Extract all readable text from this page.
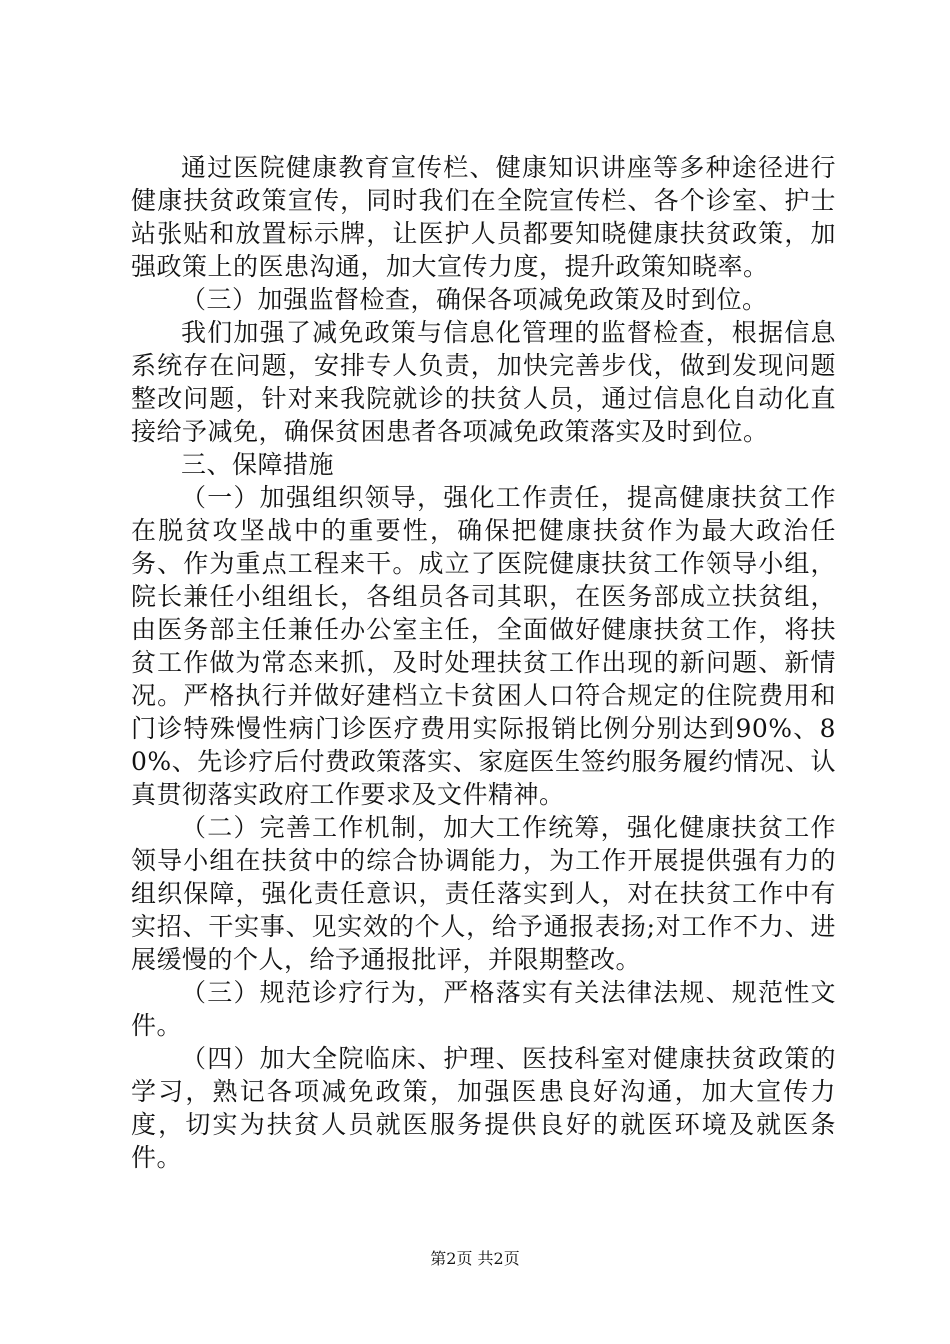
通过医院健康教育宣传栏、健康知识讲座等多种途径进行健康扶贫政策宣传，同时我们在全院宣传栏、各个诊室、护士站张贴和放置标示牌，让医护人员都要知晓健康扶贫政策，加强政策上的医患沟通，加大宣传力度，提升政策知晓率。

（三）加强监督检查，确保各项减免政策及时到位。

我们加强了减免政策与信息化管理的监督检查，根据信息系统存在问题，安排专人负责，加快完善步伐，做到发现问题整改问题，针对来我院就诊的扶贫人员，通过信息化自动化直接给予减免，确保贫困患者各项减免政策落实及时到位。

三、保障措施

（一）加强组织领导，强化工作责任，提高健康扶贫工作在脱贫攻坚战中的重要性，确保把健康扶贫作为最大政治任务、作为重点工程来干。成立了医院健康扶贫工作领导小组，院长兼任小组组长，各组员各司其职，在医务部成立扶贫组，由医务部主任兼任办公室主任，全面做好健康扶贫工作，将扶贫工作做为常态来抓，及时处理扶贫工作出现的新问题、新情况。严格执行并做好建档立卡贫困人口符合规定的住院费用和门诊特殊慢性病门诊医疗费用实际报销比例分别达到90%、80%、先诊疗后付费政策落实、家庭医生签约服务履约情况、认真贯彻落实政府工作要求及文件精神。

（二）完善工作机制，加大工作统筹，强化健康扶贫工作领导小组在扶贫中的综合协调能力，为工作开展提供强有力的组织保障，强化责任意识，责任落实到人，对在扶贫工作中有实招、干实事、见实效的个人，给予通报表扬;对工作不力、进展缓慢的个人，给予通报批评，并限期整改。

（三）规范诊疗行为，严格落实有关法律法规、规范性文件。

（四）加大全院临床、护理、医技科室对健康扶贫政策的学习，熟记各项减免政策，加强医患良好沟通，加大宣传力度，切实为扶贫人员就医服务提供良好的就医环境及就医条件。

第2页 共2页
